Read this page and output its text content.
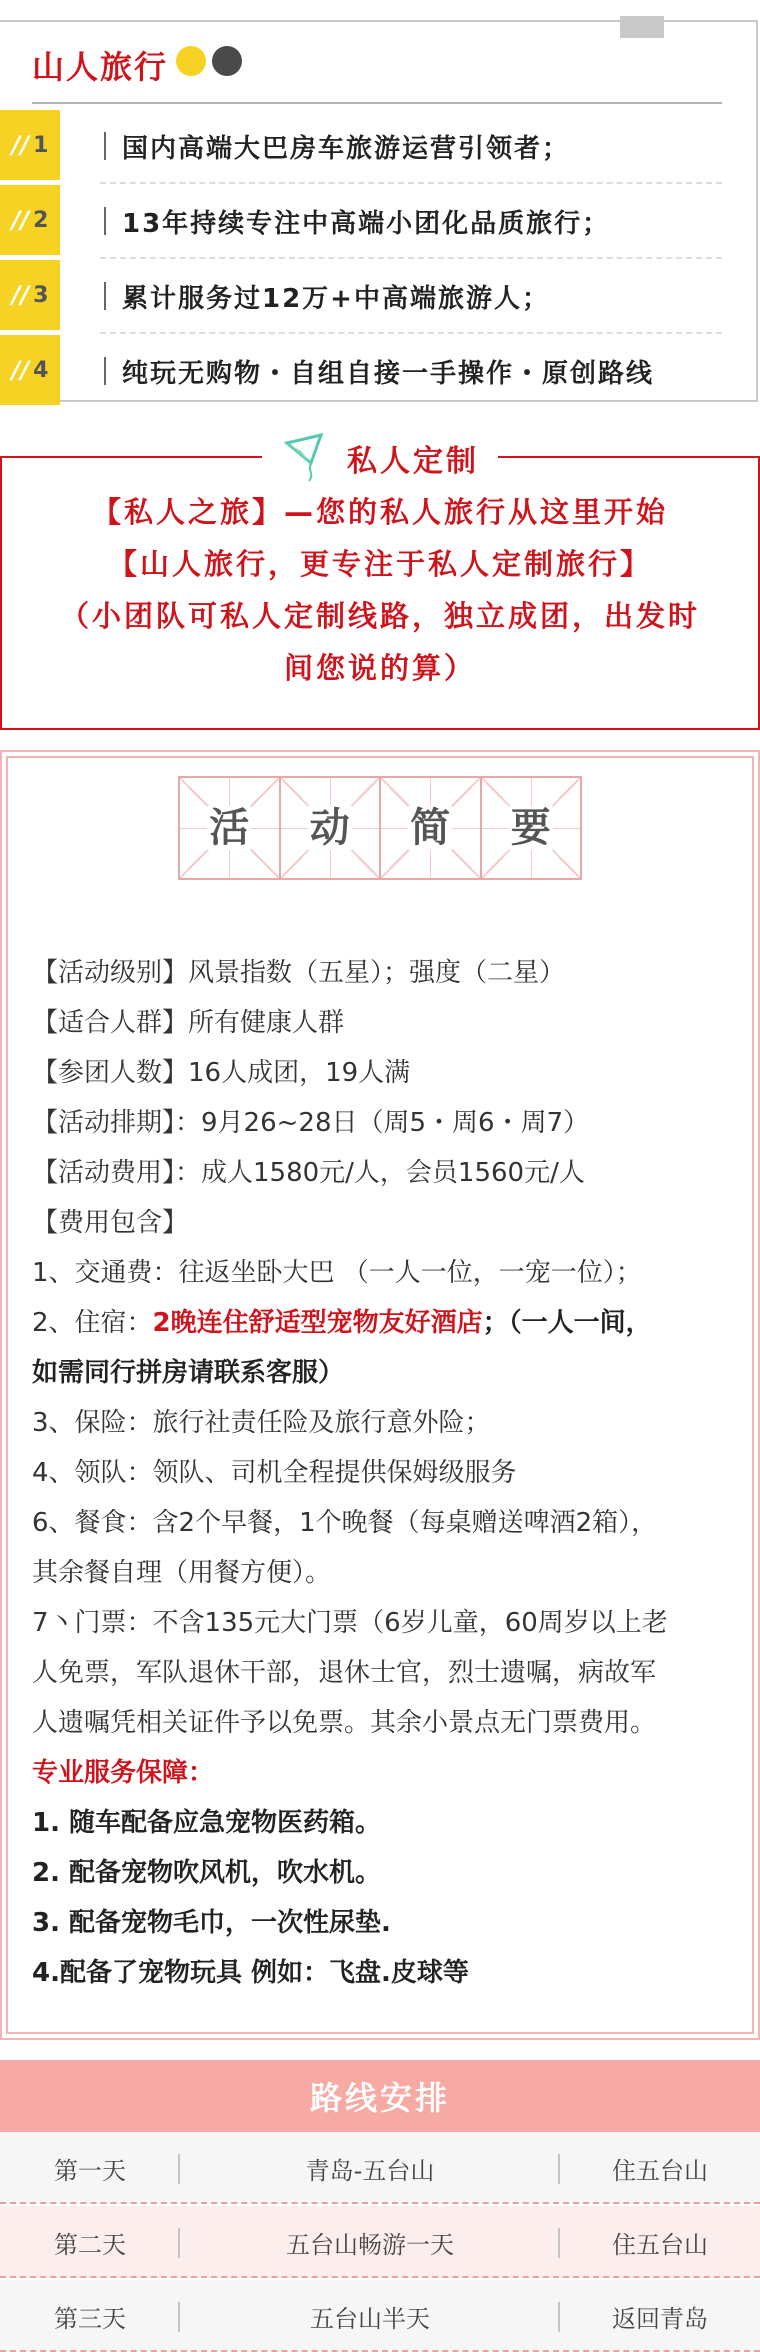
山人旅行
// 1	国内高端大巴房车旅游运营引领者；
// 2	13年持续专注中高端小团化品质旅行；
// 3	累计服务过12万+中高端旅游人；
// 4	纯玩无购物・自组自接一手操作・原创路线
私人定制
【私人之旅】—您的私人旅行从这里开始
【山人旅行，更专注于私人定制旅行】
（小团队可私人定制线路，独立成团，出发时
间您说的算）
活 动 简 要

【活动级别】风景指数（五星）；强度（二星）

【适合人群】所有健康人群

【参团人数】16人成团，19人满

【活动排期】：9月26~28日（周5・周6・周7）

【活动费用】：成人1580元/人，会员1560元/人

【费用包含】

1、交通费：往返坐卧大巴 （一人一位，一宠一位）；

2、住宿：2晚连住舒适型宠物友好酒店；（一人一间，

如需同行拼房请联系客服）

3、保险：旅行社责任险及旅行意外险；

4、领队：领队、司机全程提供保姆级服务

6、餐食：含2个早餐，1个晚餐（每桌赠送啤酒2箱），

其余餐自理（用餐方便）。

7丶门票：不含135元大门票（6岁儿童，60周岁以上老

人免票，军队退休干部，退休士官，烈士遗嘱，病故军

人遗嘱凭相关证件予以免票。其余小景点无门票费用。

专业服务保障：

1. 随车配备应急宠物医药箱。

2. 配备宠物吹风机，吹水机。

3. 配备宠物毛巾，一次性尿垫.

4.配备了宠物玩具 例如：飞盘.皮球等

路线安排
第一天	青岛-五台山	住五台山
第二天	五台山畅游一天	住五台山
第三天	五台山半天	返回青岛
